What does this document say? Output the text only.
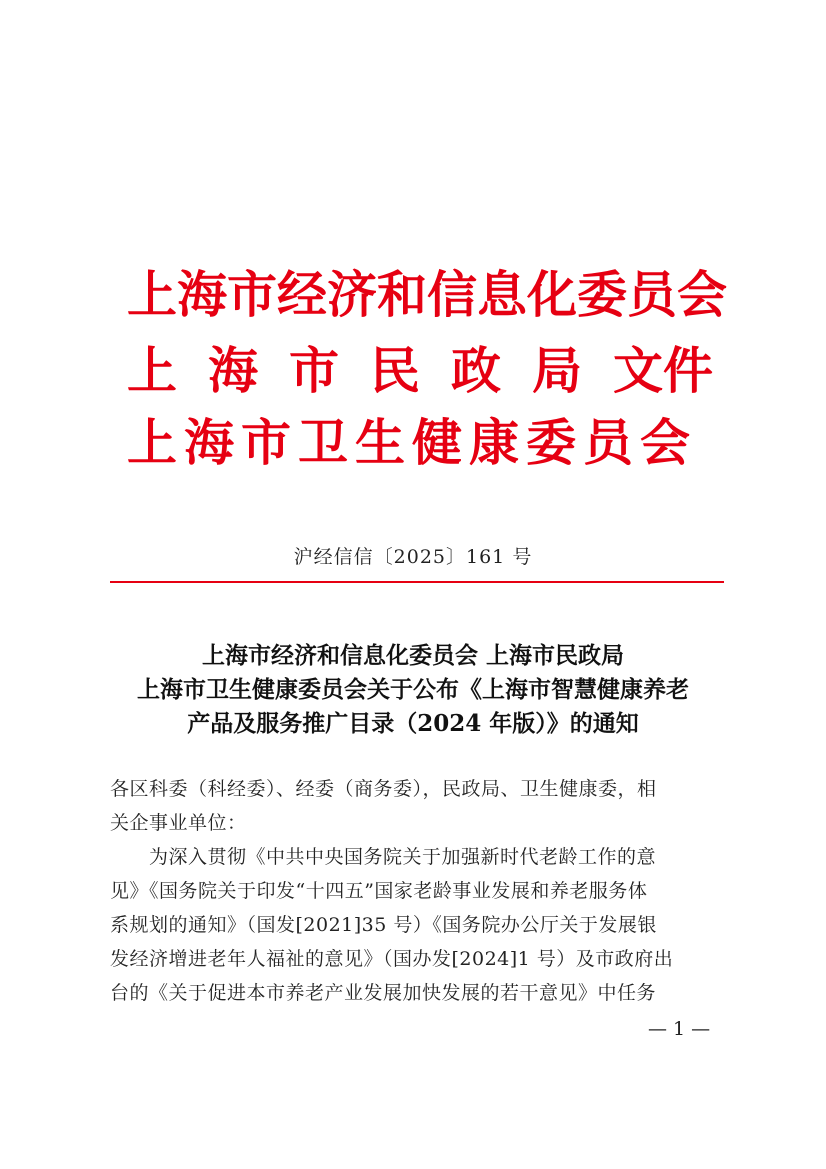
上海市经济和信息化委员会
上 海 市 民 政 局 文件
上海市卫生健康委员会
沪经信信〔2025〕161 号
上海市经济和信息化委员会 上海市民政局
上海市卫生健康委员会关于公布《上海市智慧健康养老
产品及服务推广目录（2024 年版）》的通知
各区科委（科经委）、经委（商务委），民政局、卫生健康委，相
关企事业单位：
　　为深入贯彻《中共中央国务院关于加强新时代老龄工作的意
见》《国务院关于印发“十四五”国家老龄事业发展和养老服务体
系规划的通知》（国发[2021]35 号）《国务院办公厅关于发展银
发经济增进老年人福祉的意见》（国办发[2024]1 号）及市政府出
台的《关于促进本市养老产业发展加快发展的若干意见》中任务
— 1 —
